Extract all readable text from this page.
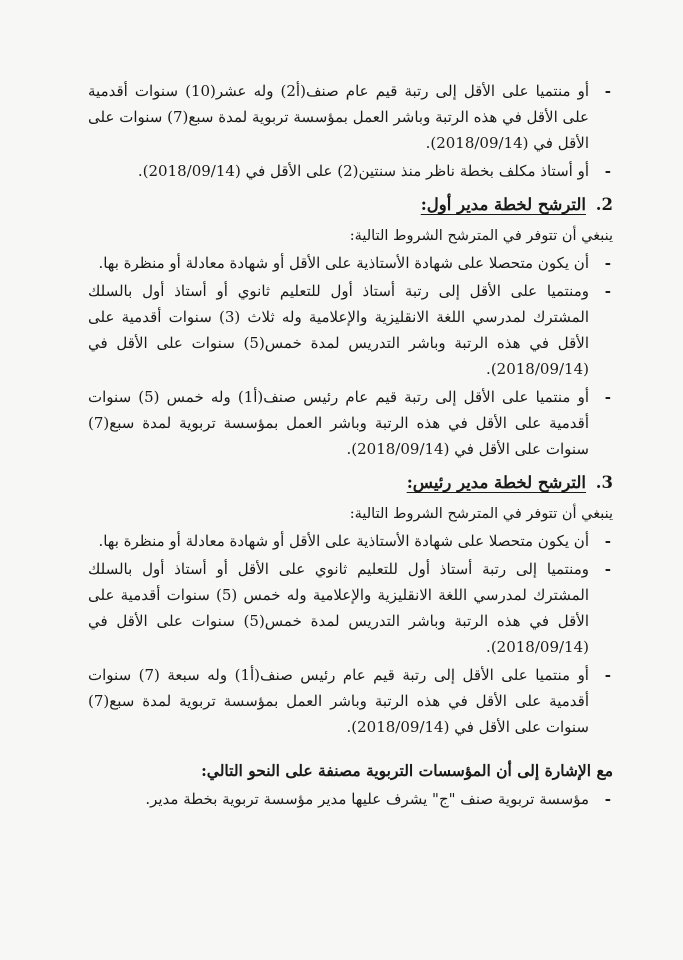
- أو منتميا على الأقل إلى رتبة قيم عام صنف(أ2) وله عشر(10) سنوات أقدمية على الأقل في هذه الرتبة وباشر العمل بمؤسسة تربوية لمدة سبع(7) سنوات على الأقل في (2018/09/14).
- أو أستاذ مكلف بخطة ناظر منذ سنتين(2) على الأقل في (2018/09/14).
2. الترشح لخطة مدير أول:
ينبغي أن تتوفر في المترشح الشروط التالية:
- أن يكون متحصلا على شهادة الأستاذية على الأقل أو شهادة معادلة أو منظرة بها.
- ومنتميا على الأقل إلى رتبة أستاذ أول للتعليم ثانوي أو أستاذ أول بالسلك المشترك لمدرسي اللغة الانقليزية والإعلامية وله ثلاث (3) سنوات أقدمية على الأقل في هذه الرتبة وباشر التدريس لمدة خمس(5) سنوات على الأقل في (2018/09/14).
- أو منتميا على الأقل إلى رتبة قيم عام رئيس صنف(أ1) وله خمس (5) سنوات أقدمية على الأقل في هذه الرتبة وباشر العمل بمؤسسة تربوية لمدة سبع(7) سنوات على الأقل في (2018/09/14).
3. الترشح لخطة مدير رئيس:
ينبغي أن تتوفر في المترشح الشروط التالية:
- أن يكون متحصلا على شهادة الأستاذية على الأقل أو شهادة معادلة أو منظرة بها.
- ومنتميا إلى رتبة أستاذ أول للتعليم ثانوي على الأقل أو أستاذ أول بالسلك المشترك لمدرسي اللغة الانقليزية والإعلامية وله خمس (5) سنوات أقدمية على الأقل في هذه الرتبة وباشر التدريس لمدة خمس(5) سنوات على الأقل في (2018/09/14).
- أو منتميا على الأقل إلى رتبة قيم عام رئيس صنف(أ1) وله سبعة (7) سنوات أقدمية على الأقل في هذه الرتبة وباشر العمل بمؤسسة تربوية لمدة سبع(7) سنوات على الأقل في (2018/09/14).
مع الإشارة إلى أن المؤسسات التربوية مصنفة على النحو التالي:
- مؤسسة تربوية صنف "ج" يشرف عليها مدير مؤسسة تربوية بخطة مدير.
